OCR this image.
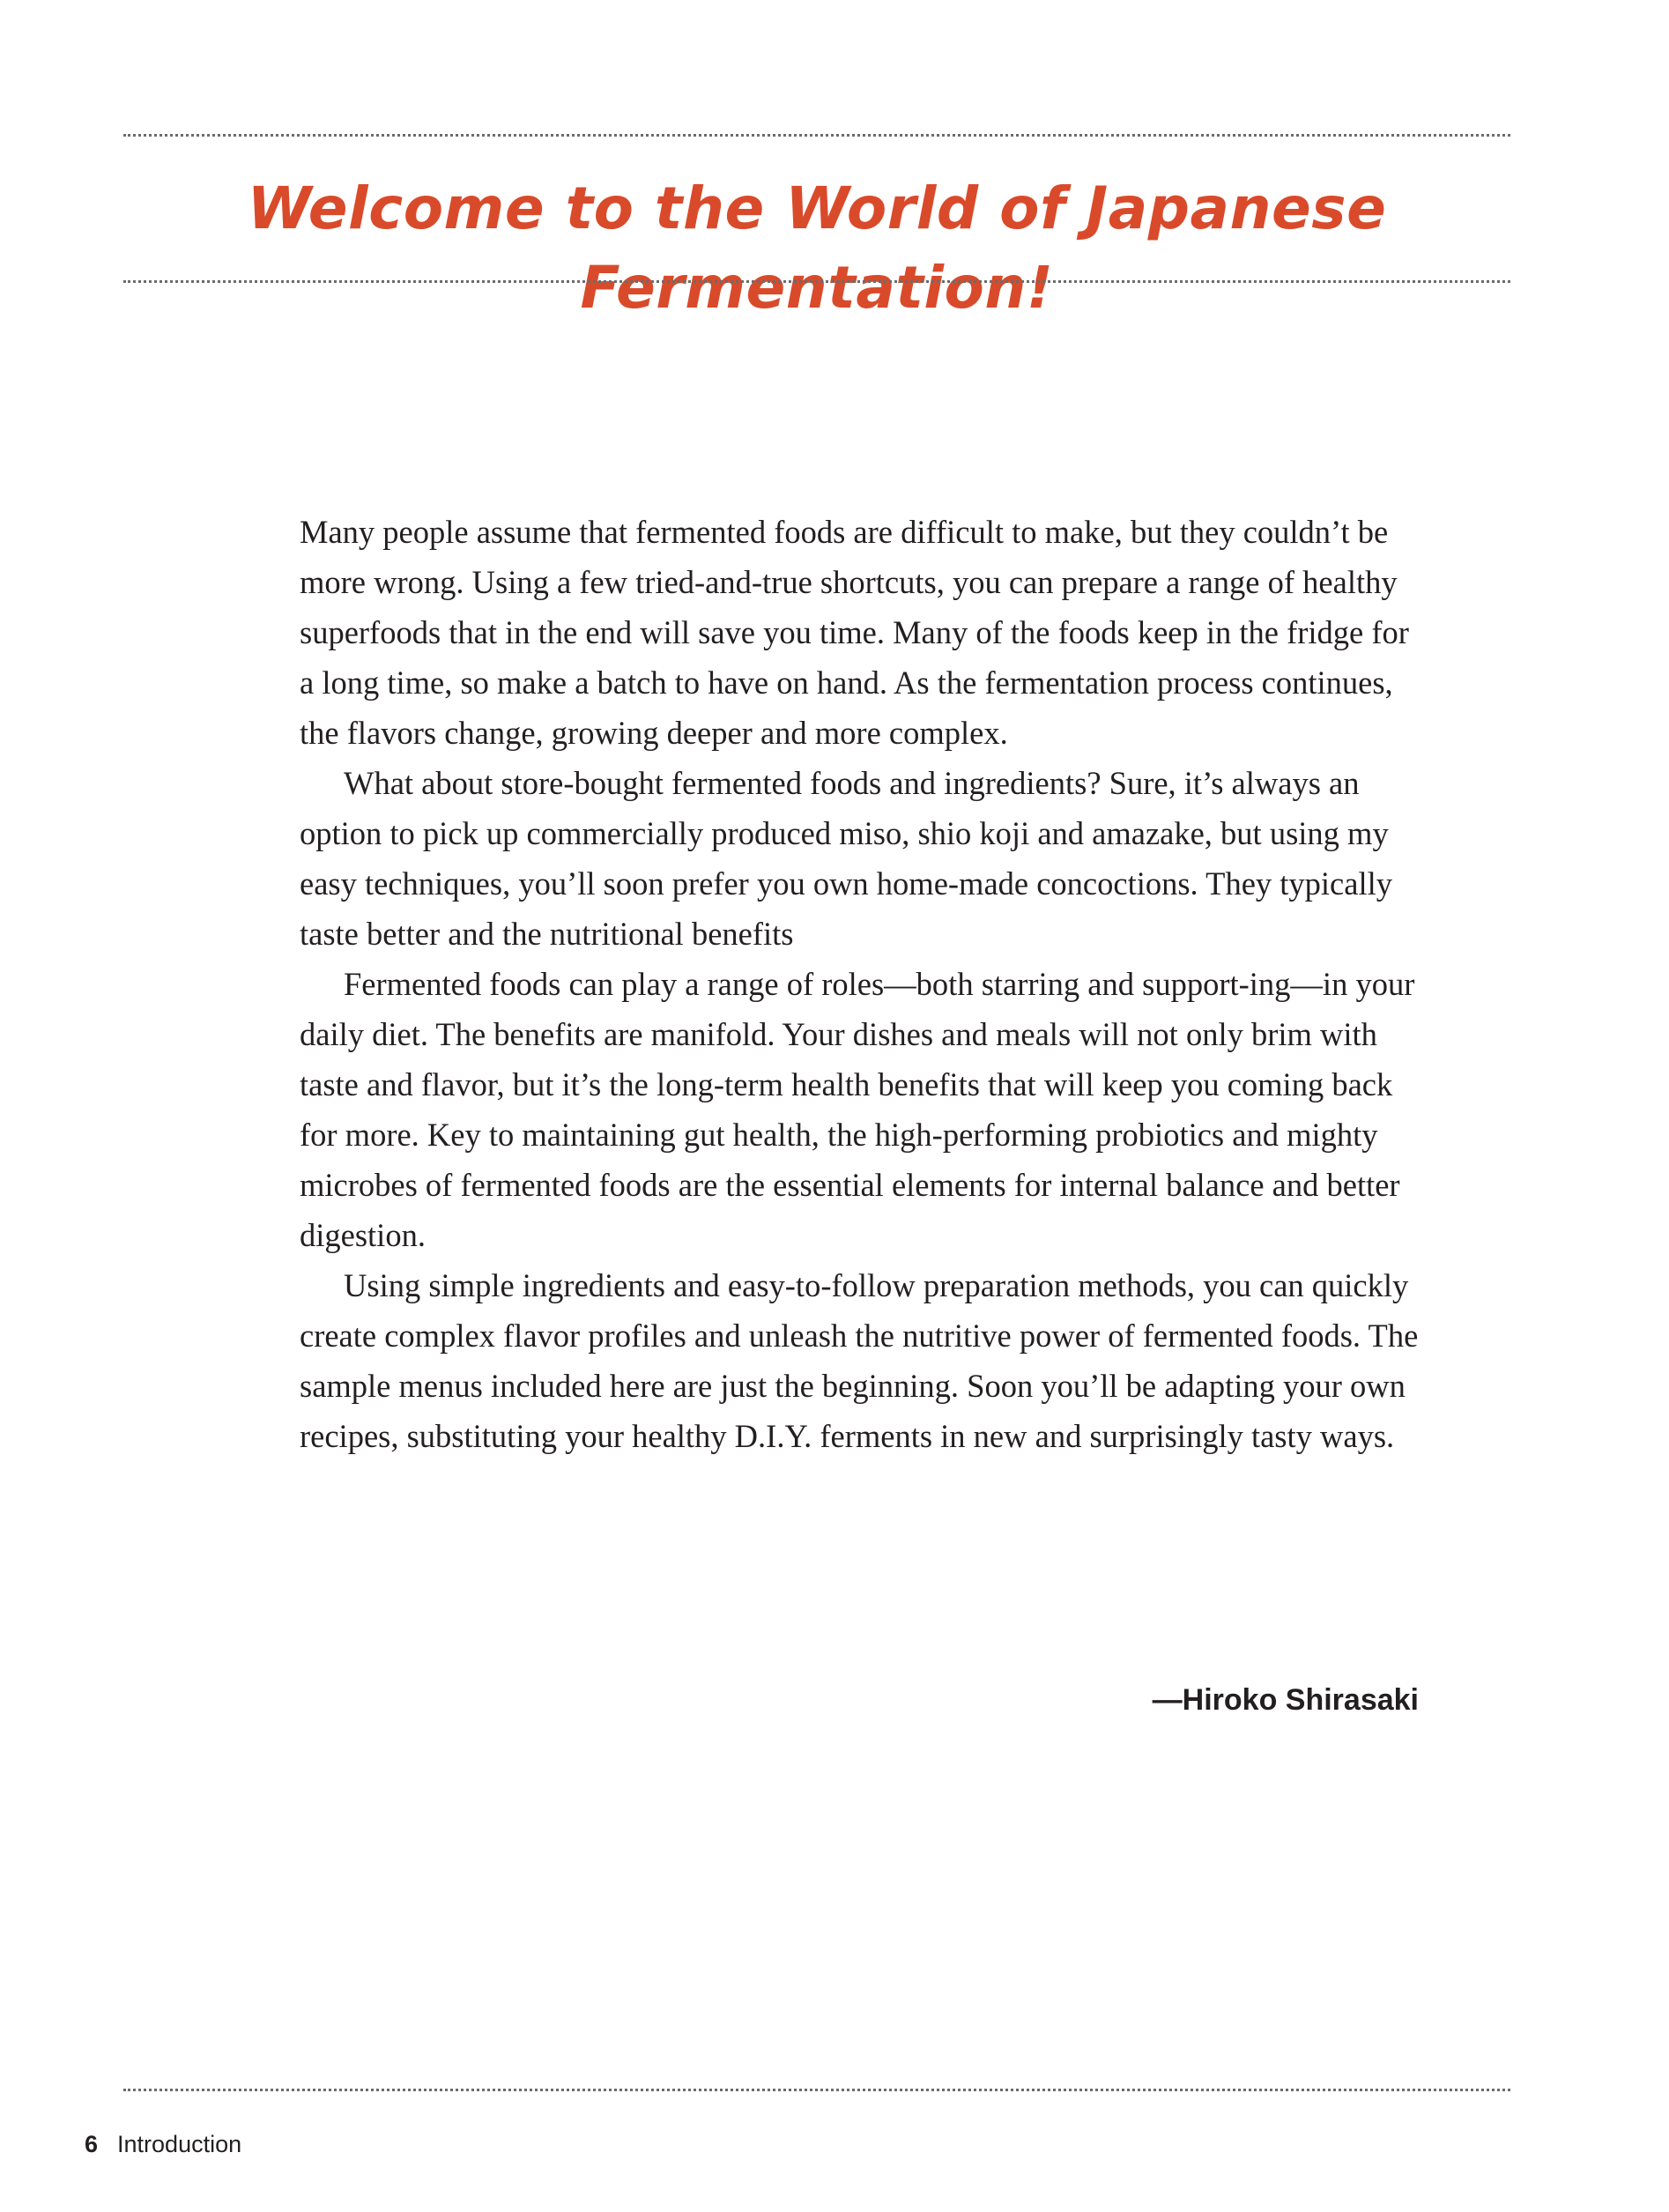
Welcome to the World of Japanese Fermentation!

Many people assume that fermented foods are difficult to make, but they couldn’t be more wrong. Using a few tried-and-true shortcuts, you can prepare a range of healthy superfoods that in the end will save you time. Many of the foods keep in the fridge for a long time, so make a batch to have on hand. As the fermentation process continues, the flavors change, growing deeper and more complex.

What about store-bought fermented foods and ingredients? Sure, it’s always an option to pick up commercially produced miso, shio koji and amazake, but using my easy techniques, you’ll soon prefer you own home-made concoctions. They typically taste better and the nutritional benefits

Fermented foods can play a range of roles—both starring and support-ing—in your daily diet. The benefits are manifold. Your dishes and meals will not only brim with taste and flavor, but it’s the long-term health benefits that will keep you coming back for more. Key to maintaining gut health, the high-performing probiotics and mighty microbes of fermented foods are the essential elements for internal balance and better digestion.

Using simple ingredients and easy-to-follow preparation methods, you can quickly create complex flavor profiles and unleash the nutritive power of fermented foods. The sample menus included here are just the beginning. Soon you’ll be adapting your own recipes, substituting your healthy D.I.Y. ferments in new and surprisingly tasty ways.

—Hiroko Shirasaki
6 Introduction
